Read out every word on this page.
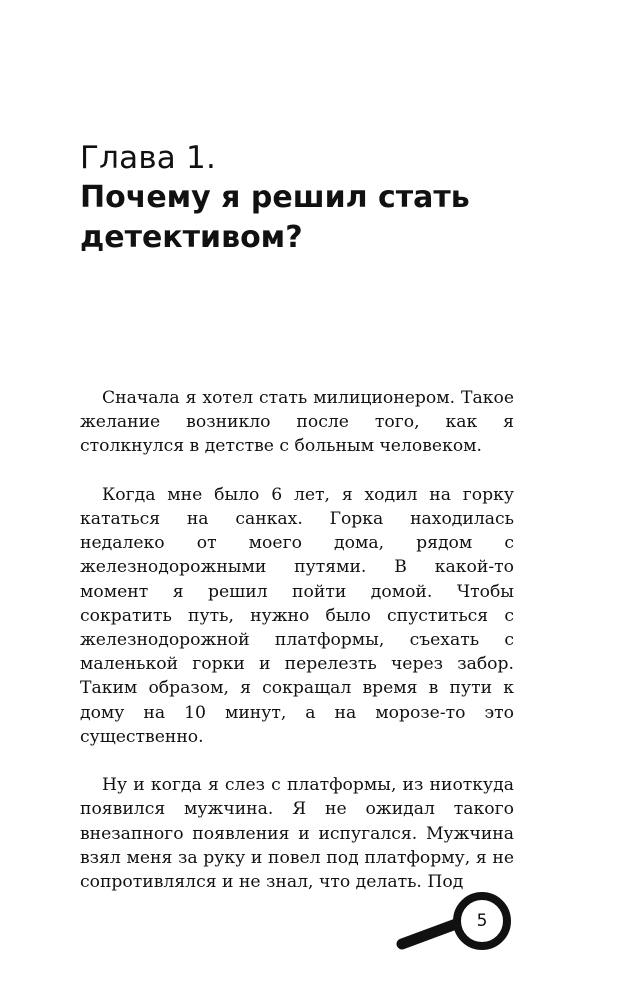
Глава 1.
Почему я решил стать
детективом?

Сначала я хотел стать милиционером. Такое желание возникло после того, как я столкнулся в детстве с больным человеком.

Когда мне было 6 лет, я ходил на горку кататься на санках. Горка находилась недалеко от моего дома, рядом с железнодорожными путями. В какой-то момент я решил пойти домой. Чтобы сократить путь, нужно было спуститься с железнодорожной платформы, съехать с маленькой горки и перелезть через забор. Таким образом, я сокращал время в пути к дому на 10 минут, а на морозе-то это существенно.

Ну и когда я слез с платформы, из ниоткуда появился мужчина. Я не ожидал такого внезапного появления и испугался. Мужчина взял меня за руку и повел под платформу, я не сопротивлялся и не знал, что делать. Под

5
